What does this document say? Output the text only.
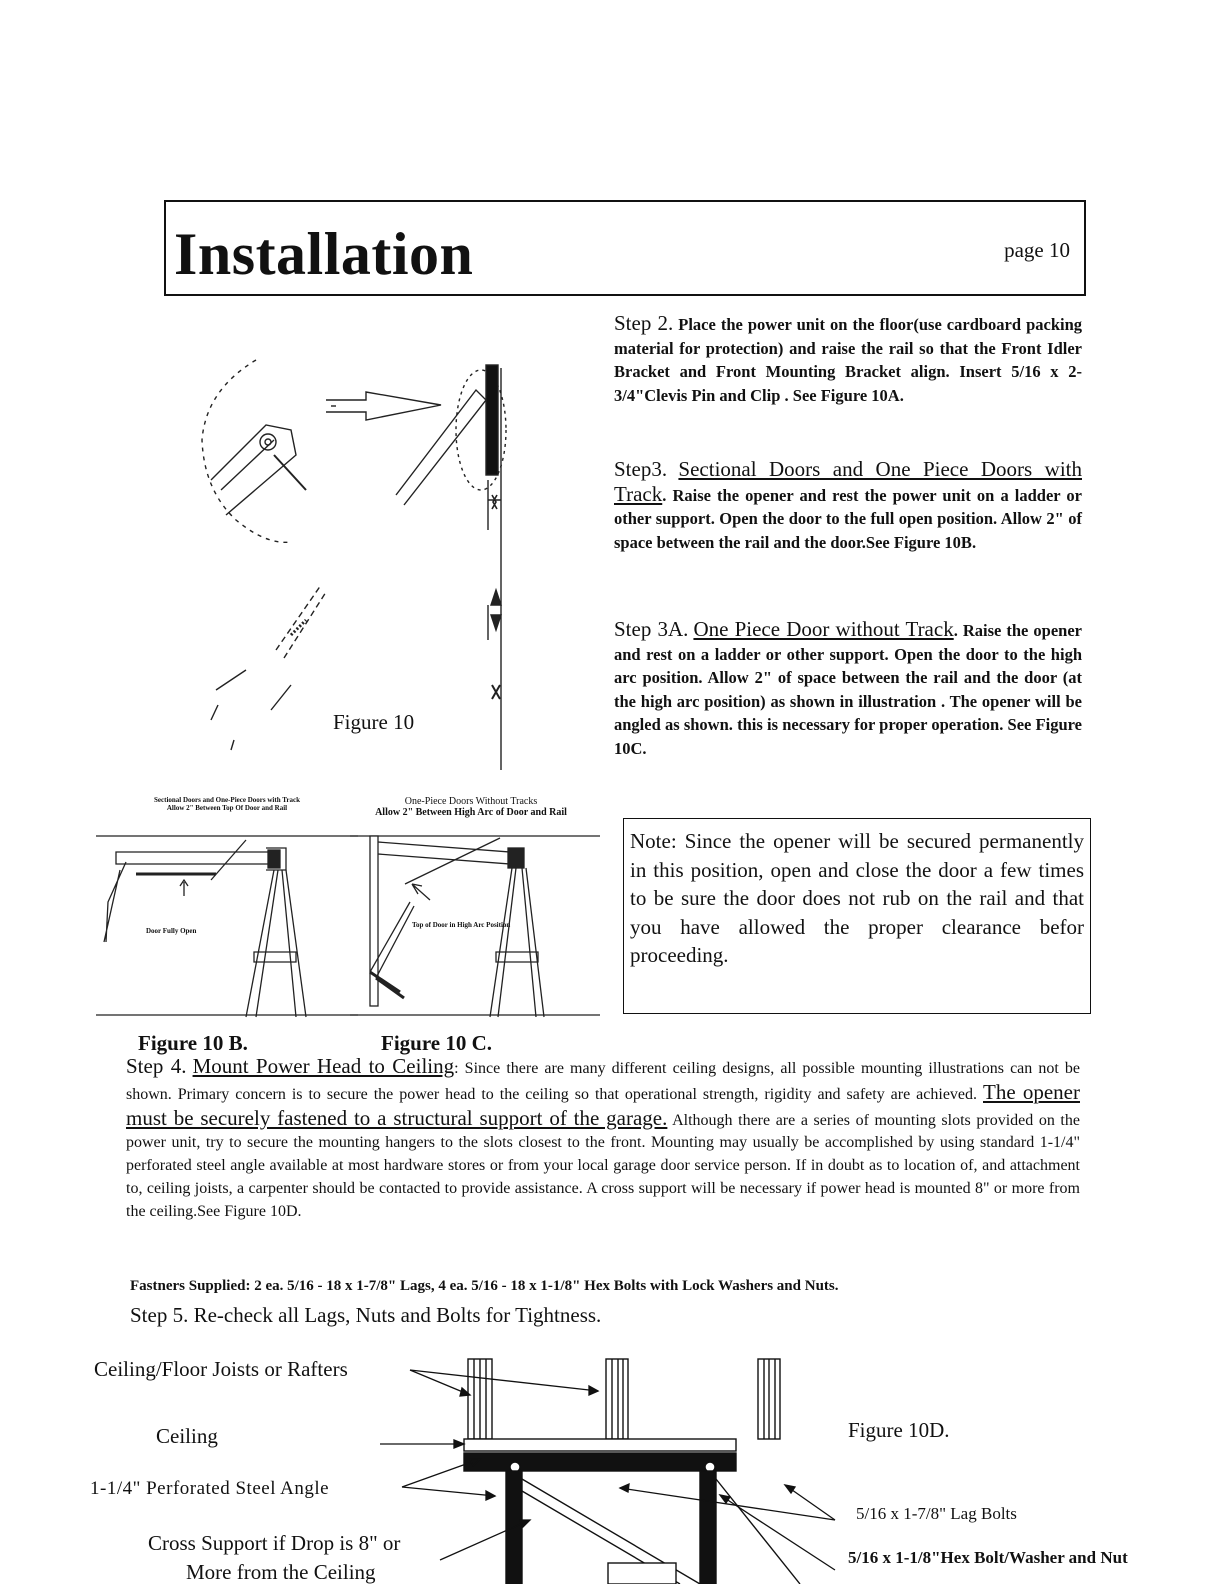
Installation	page 10
Figure 10
Sectional Doors and One-Piece Doors with Track
Allow 2" Between Top Of Door and Rail
Door Fully Open
One-Piece Doors Without Tracks
Allow 2" Between High Arc of Door and Rail
Top of Door in High Arc Position
Figure 10 B.	Figure 10 C.
Step 2. Place the power unit on the floor(use cardboard packing material for protection) and raise the rail so that the Front Idler Bracket and Front Mounting Bracket align. Insert 5/16 x 2-3/4"Clevis Pin and Clip . See Figure 10A.
Step3. Sectional Doors and One Piece Doors with Track. Raise the opener and rest the power unit on a ladder or other support. Open the door to the full open position. Allow 2" of space between the rail and the door.See Figure 10B.
Step 3A. One Piece Door without Track. Raise the opener and rest on a ladder or other support. Open the door to the high arc position. Allow 2" of space between the rail and the door (at the high arc position) as shown in illustration . The opener will be angled as shown. this is necessary for proper operation. See Figure 10C.
Note: Since the opener will be secured permanently in this position, open and close the door a few times to be sure the door does not rub on the rail and that you have allowed the proper clearance befor proceeding.
Step 4. Mount Power Head to Ceiling: Since there are many different ceiling designs, all possible mounting illustrations can not be shown. Primary concern is to secure the power head to the ceiling so that operational strength, rigidity and safety are achieved. The opener must be securely fastened to a structural support of the garage. Although there are a series of mounting slots provided on the power unit, try to secure the mounting hangers to the slots closest to the front. Mounting may usually be accomplished by using standard 1-1/4" perforated steel angle available at most hardware stores or from your local garage door service person. If in doubt as to location of, and attachment to, ceiling joists, a carpenter should be contacted to provide assistance. A cross support will be necessary if power head is mounted 8" or more from the ceiling.See Figure 10D.
Fastners Supplied: 2 ea. 5/16 - 18 x 1-7/8" Lags, 4 ea. 5/16 - 18 x 1-1/8" Hex Bolts with Lock Washers and Nuts.
Step 5. Re-check all Lags, Nuts and Bolts for Tightness.
Ceiling/Floor Joists or Rafters
Ceiling
1-1/4" Perforated Steel Angle
Cross Support if Drop is 8" or
More from the Ceiling
Figure 10D.
5/16 x 1-7/8" Lag Bolts
5/16 x 1-1/8"Hex Bolt/Washer and Nut
